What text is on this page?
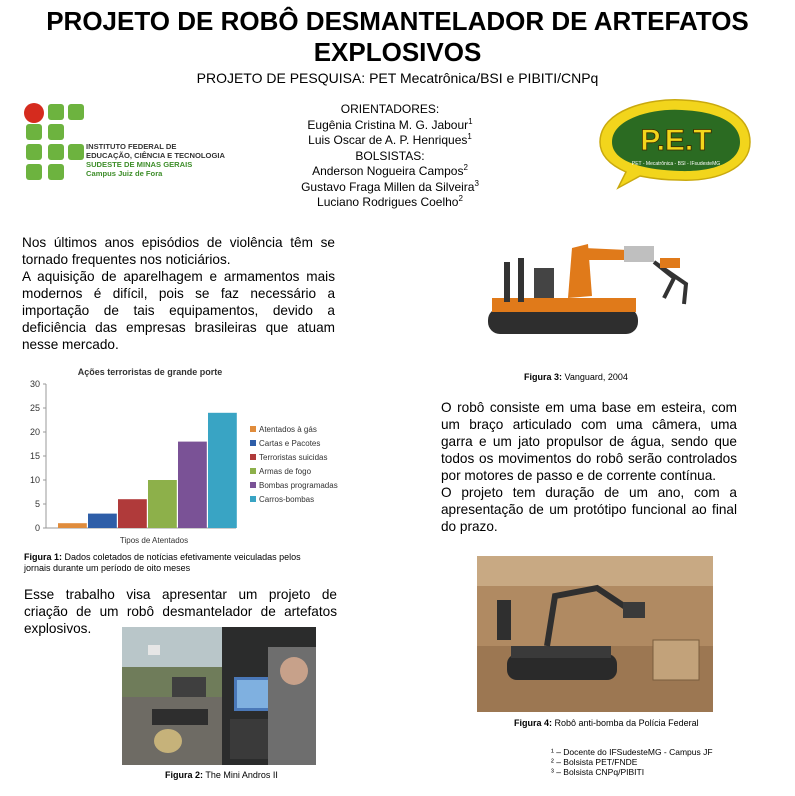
PROJETO DE ROBÔ DESMANTELADOR DE ARTEFATOS
EXPLOSIVOS
PROJETO DE PESQUISA: PET Mecatrônica/BSI e PIBITI/CNPq
INSTITUTO FEDERAL DE
EDUCAÇÃO, CIÊNCIA E TECNOLOGIA
SUDESTE DE MINAS GERAIS
Campus Juiz de Fora
ORIENTADORES:
Eugênia Cristina M. G. Jabour$^1$
Luis Oscar de A. P. Henriques$^1$
BOLSISTAS:
Anderson Nogueira Campos$^2$
Gustavo Fraga Millen da Silveira$^3$
Luciano Rodrigues Coelho$^2$
P.E.T
PET - Mecatrônica - BSI - IFsudesteMG
Nos últimos anos episódios de violência têm se tornado frequentes nos noticiários.
A aquisição de aparelhagem e armamentos mais modernos é difícil, pois se faz necessário a importação de tais equipamentos, devido a deficiência das empresas brasileiras que atuam nesse mercado.
Ações terroristas de grande porte
0
5
10
15
20
25
30
Atentados à gás
Cartas e Pacotes
Terroristas suicidas
Armas de fogo
Bombas programadas
Carros-bombas
Tipos de Atentados
Figura 1: Dados coletados de notícias efetivamente veiculadas pelos jornais durante um período de oito meses
Esse trabalho visa apresentar um projeto de criação de um robô desmantelador de artefatos explosivos.
Figura 2: The Mini Andros II
Figura 3: Vanguard, 2004
O robô consiste em uma base em esteira, com um braço articulado com uma câmera, uma garra e um jato propulsor de água, sendo que todos os movimentos do robô serão controlados por motores de passo e de corrente contínua.
O projeto tem duração de um ano, com a apresentação de um protótipo funcional ao final do prazo.
Figura 4: Robô anti-bomba da Polícia Federal
¹ – Docente do IFSudesteMG - Campus JF
² – Bolsista PET/FNDE
³ – Bolsista CNPq/PIBITI
